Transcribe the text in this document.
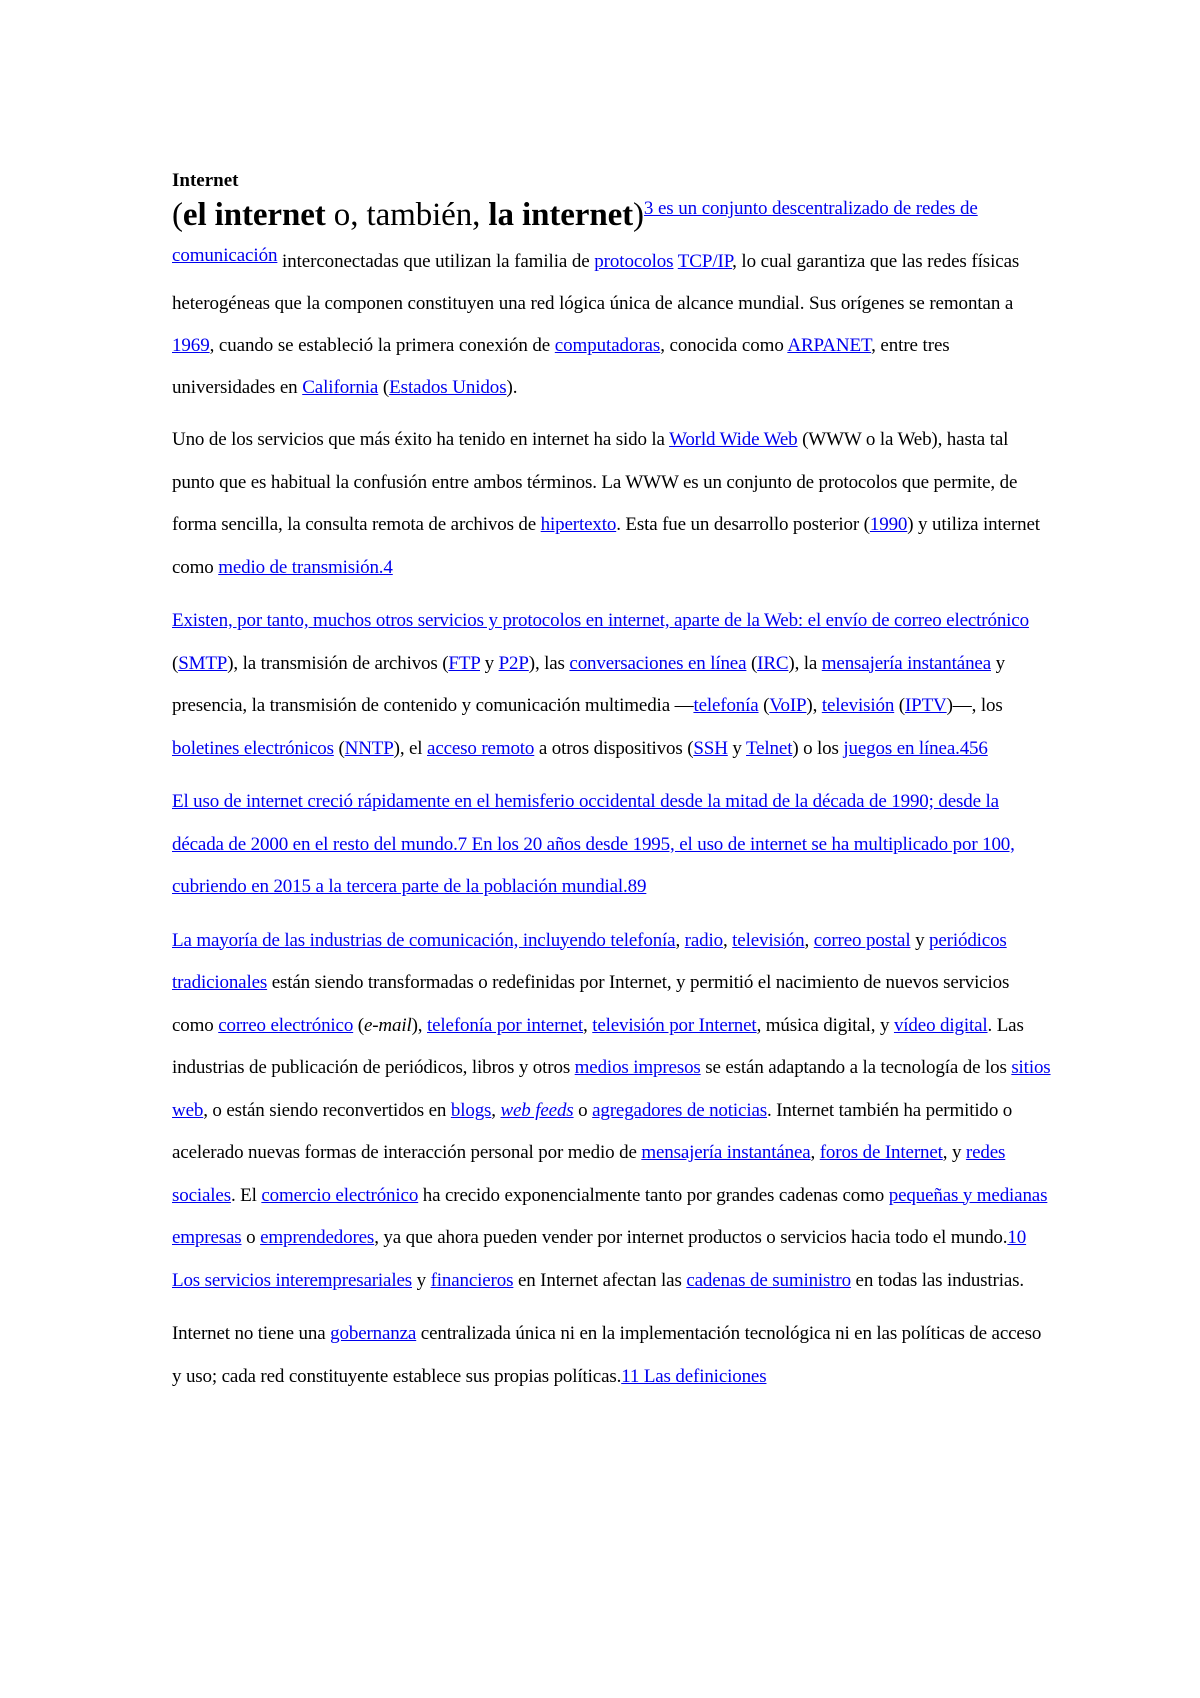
Internet

(el internet o, también, la internet)$^{3 es un conjunto descentralizado de redes de comunicación}$ interconectadas que utilizan la familia de protocolos TCP/IP, lo cual garantiza que las redes físicas heterogéneas que la componen constituyen una red lógica única de alcance mundial. Sus orígenes se remontan a 1969, cuando se estableció la primera conexión de computadoras, conocida como ARPANET, entre tres universidades en California (Estados Unidos).

Uno de los servicios que más éxito ha tenido en internet ha sido la World Wide Web (WWW o la Web), hasta tal punto que es habitual la confusión entre ambos términos. La WWW es un conjunto de protocolos que permite, de forma sencilla, la consulta remota de archivos de hipertexto. Esta fue un desarrollo posterior (1990) y utiliza internet como medio de transmisión.4

Existen, por tanto, muchos otros servicios y protocolos en internet, aparte de la Web: el envío de correo electrónico (SMTP), la transmisión de archivos (FTP y P2P), las conversaciones en línea (IRC), la mensajería instantánea y presencia, la transmisión de contenido y comunicación multimedia —telefonía (VoIP), televisión (IPTV)—, los boletines electrónicos (NNTP), el acceso remoto a otros dispositivos (SSH y Telnet) o los juegos en línea.456

El uso de internet creció rápidamente en el hemisferio occidental desde la mitad de la década de 1990; desde la década de 2000 en el resto del mundo.7 En los 20 años desde 1995, el uso de internet se ha multiplicado por 100, cubriendo en 2015 a la tercera parte de la población mundial.89

La mayoría de las industrias de comunicación, incluyendo telefonía, radio, televisión, correo postal y periódicos tradicionales están siendo transformadas o redefinidas por Internet, y permitió el nacimiento de nuevos servicios como correo electrónico (e-mail), telefonía por internet, televisión por Internet, música digital, y vídeo digital. Las industrias de publicación de periódicos, libros y otros medios impresos se están adaptando a la tecnología de los sitios web, o están siendo reconvertidos en blogs, web feeds o agregadores de noticias. Internet también ha permitido o acelerado nuevas formas de interacción personal por medio de mensajería instantánea, foros de Internet, y redes sociales. El comercio electrónico ha crecido exponencialmente tanto por grandes cadenas como pequeñas y medianas empresas o emprendedores, ya que ahora pueden vender por internet productos o servicios hacia todo el mundo.10 Los servicios interempresariales y financieros en Internet afectan las cadenas de suministro en todas las industrias.

Internet no tiene una gobernanza centralizada única ni en la implementación tecnológica ni en las políticas de acceso y uso; cada red constituyente establece sus propias políticas.11 Las definiciones
